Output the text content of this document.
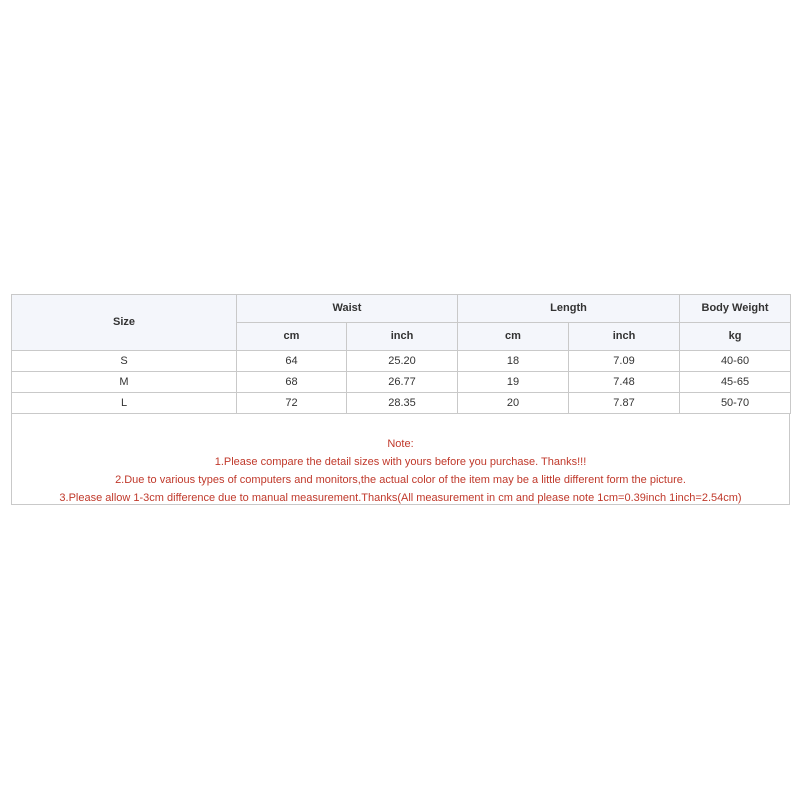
Size	Waist		Length		Body Weight
	cm	inch	cm	inch	kg
S	64	25.20	18	7.09	40-60
M	68	26.77	19	7.48	45-65
L	72	28.35	20	7.87	50-70
Note:
1.Please compare the detail sizes with yours before you purchase. Thanks!!!
2.Due to various types of computers and monitors,the actual color of the item may be a little different form the picture.
3.Please allow 1-3cm difference due to manual measurement.Thanks(All measurement in cm and please note 1cm=0.39inch 1inch=2.54cm)
